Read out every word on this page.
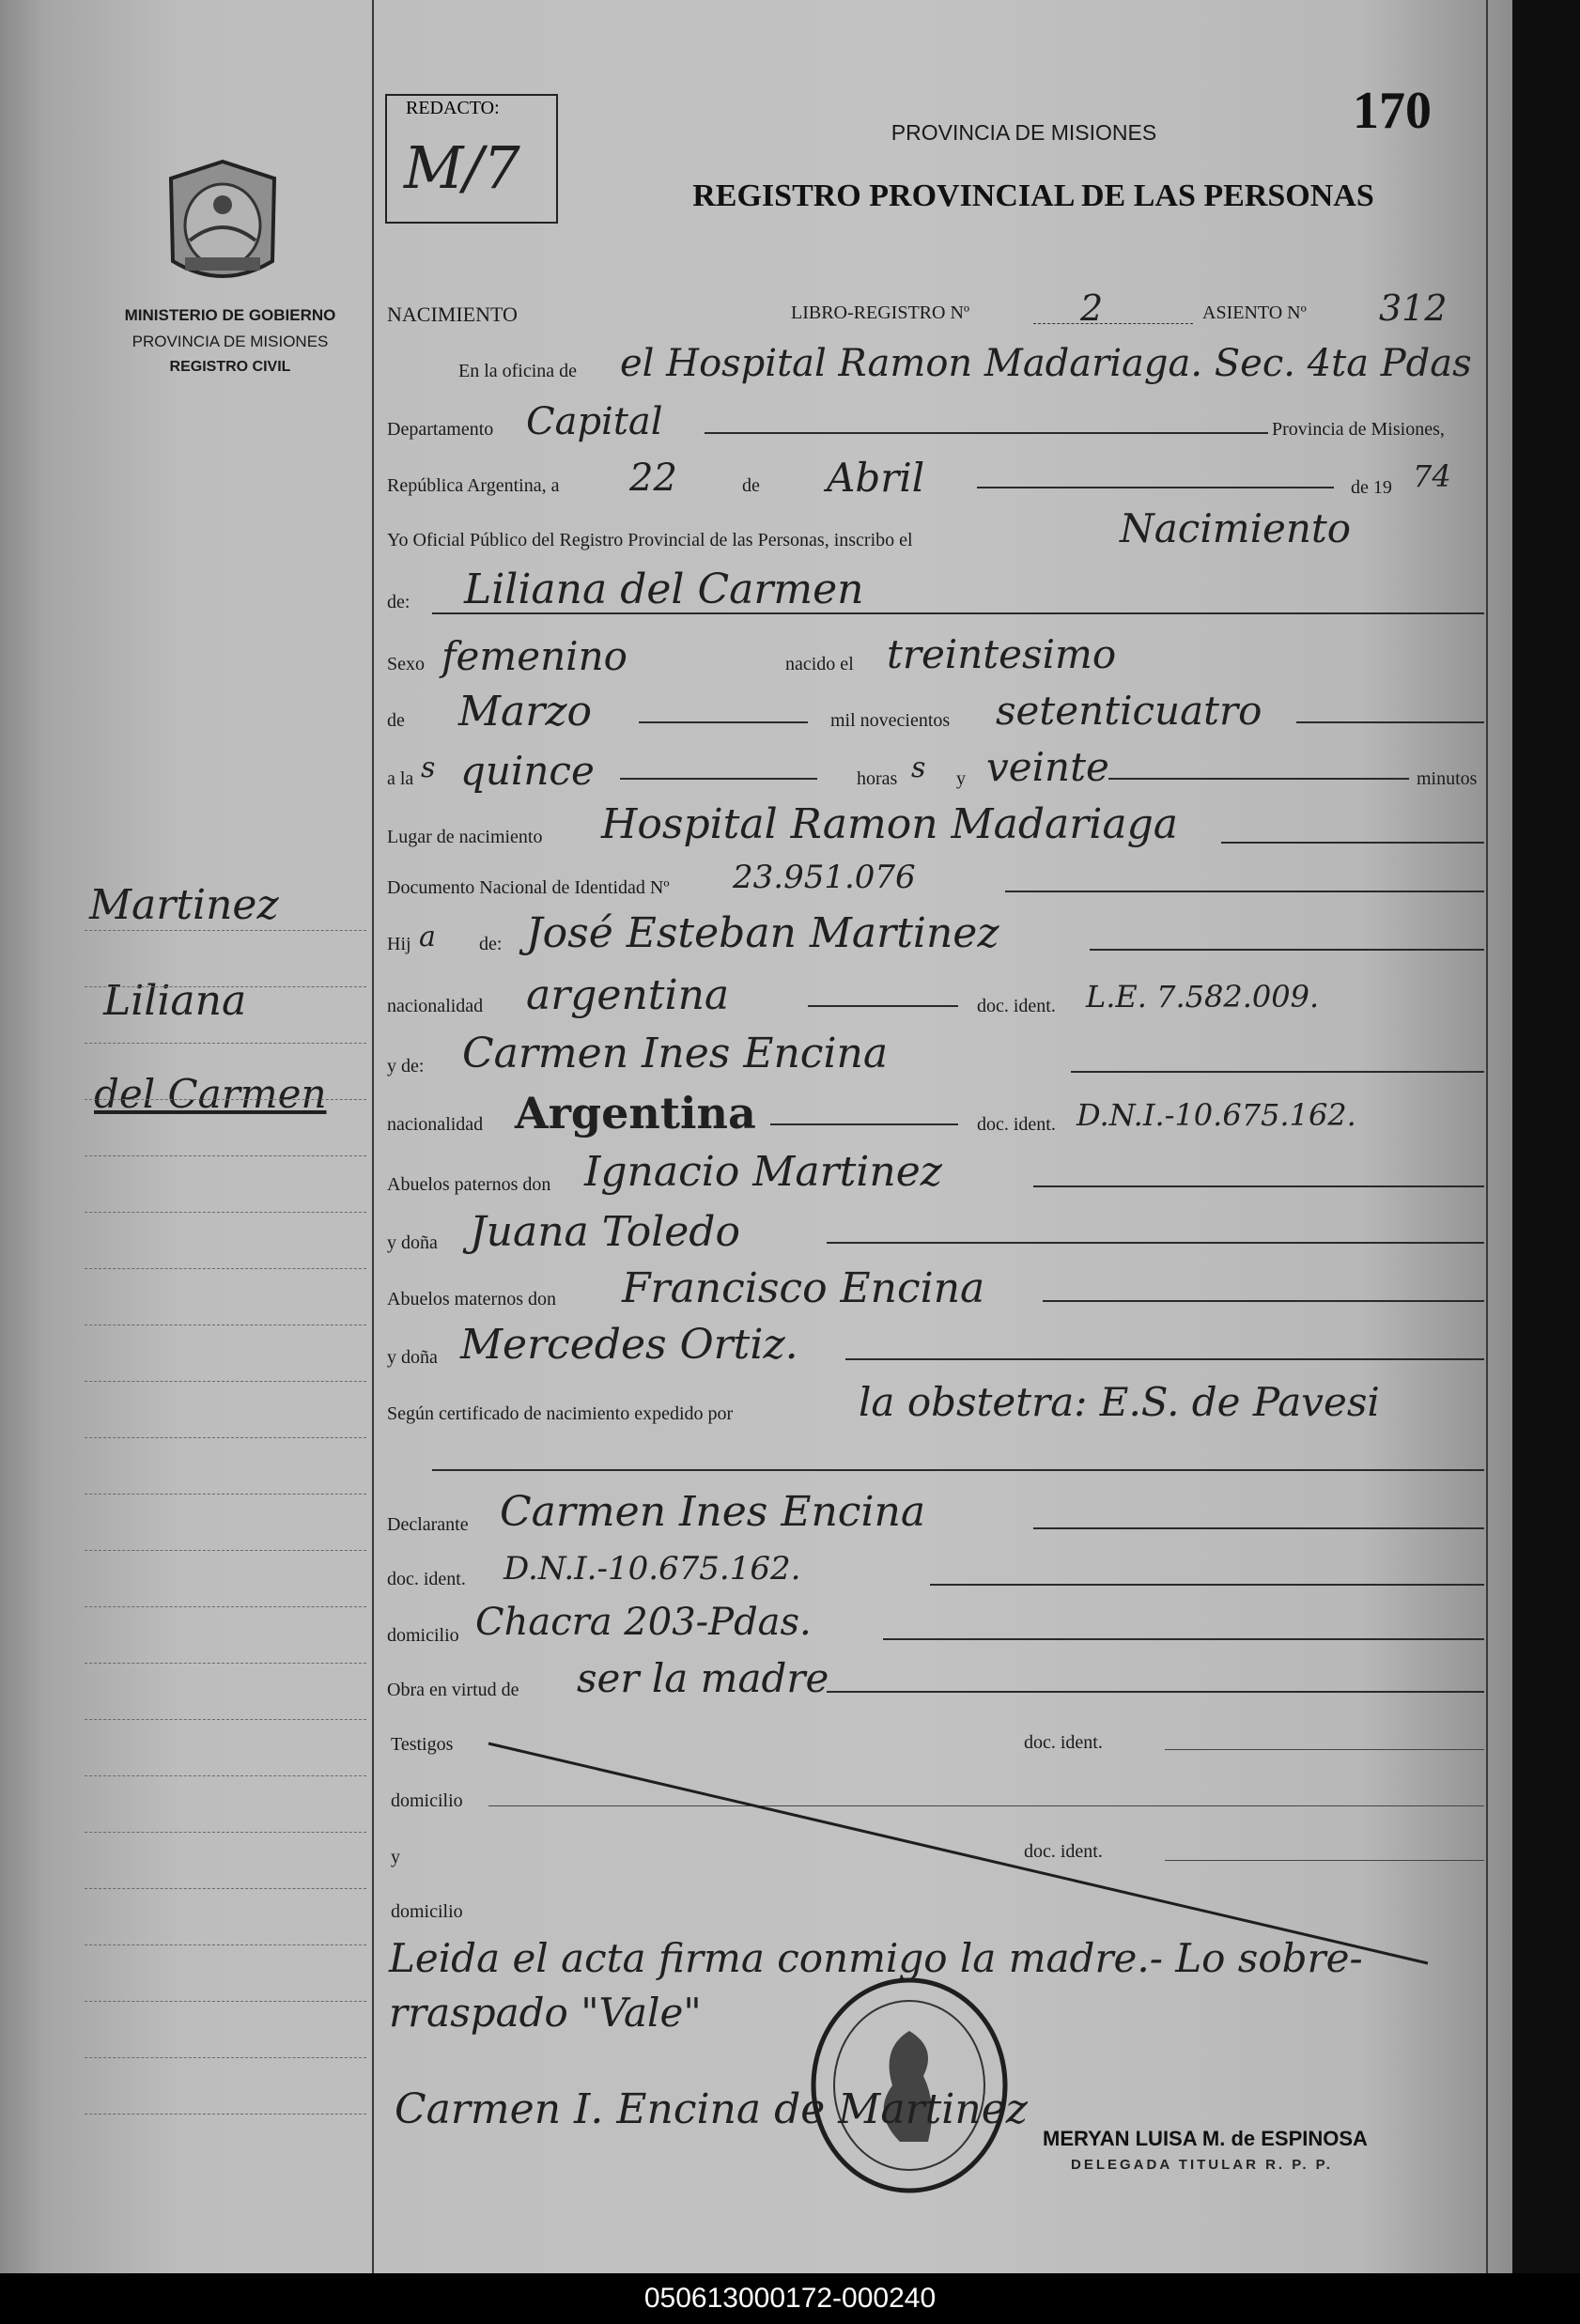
MINISTERIO DE GOBIERNO
PROVINCIA DE MISIONES
REGISTRO CIVIL
Martinez
Liliana
del Carmen
REDACTO:
M/7
PROVINCIA DE MISIONES
REGISTRO PROVINCIAL DE LAS PERSONAS
170
NACIMIENTO	LIBRO-REGISTRO Nº	2	ASIENTO Nº 312
En la oficina de el Hospital Ramon Madariaga. Sec. 4ta Pdas
Departamento Capital	Provincia de Misiones,
República Argentina, a 22	de Abril	de 19 74
Yo Oficial Público del Registro Provincial de las Personas, inscribo el	Nacimiento
de: Liliana del Carmen
Sexo femenino	nacido el treintesimo
de Marzo	mil novecientos setenticuatro
a la s quince	horas s y veinte	minutos
Lugar de nacimiento Hospital Ramon Madariaga
Documento Nacional de Identidad Nº 23.951.076
Hij a de: José Esteban Martinez
nacionalidad argentina	doc. ident. L.E. 7.582.009.
y de: Carmen Ines Encina
nacionalidad Argentina	doc. ident. D.N.I.-10.675.162.
Abuelos paternos don Ignacio Martinez
y doña Juana Toledo
Abuelos maternos don Francisco Encina
y doña Mercedes Ortiz.
Según certificado de nacimiento expedido por	la obstetra: E.S. de Pavesi
Declarante Carmen Ines Encina
doc. ident. D.N.I.-10.675.162.
domicilio Chacra 203-Pdas.
Obra en virtud de ser la madre
Testigos	doc. ident.
domicilio
y	doc. ident.
domicilio
Leida el acta firma conmigo la madre.- Lo sobre-
rraspado "Vale"
Carmen I. Encina de Martinez
MERYAN LUISA M. de ESPINOSA
DELEGADA TITULAR R. P. P.
050613000172-000240
